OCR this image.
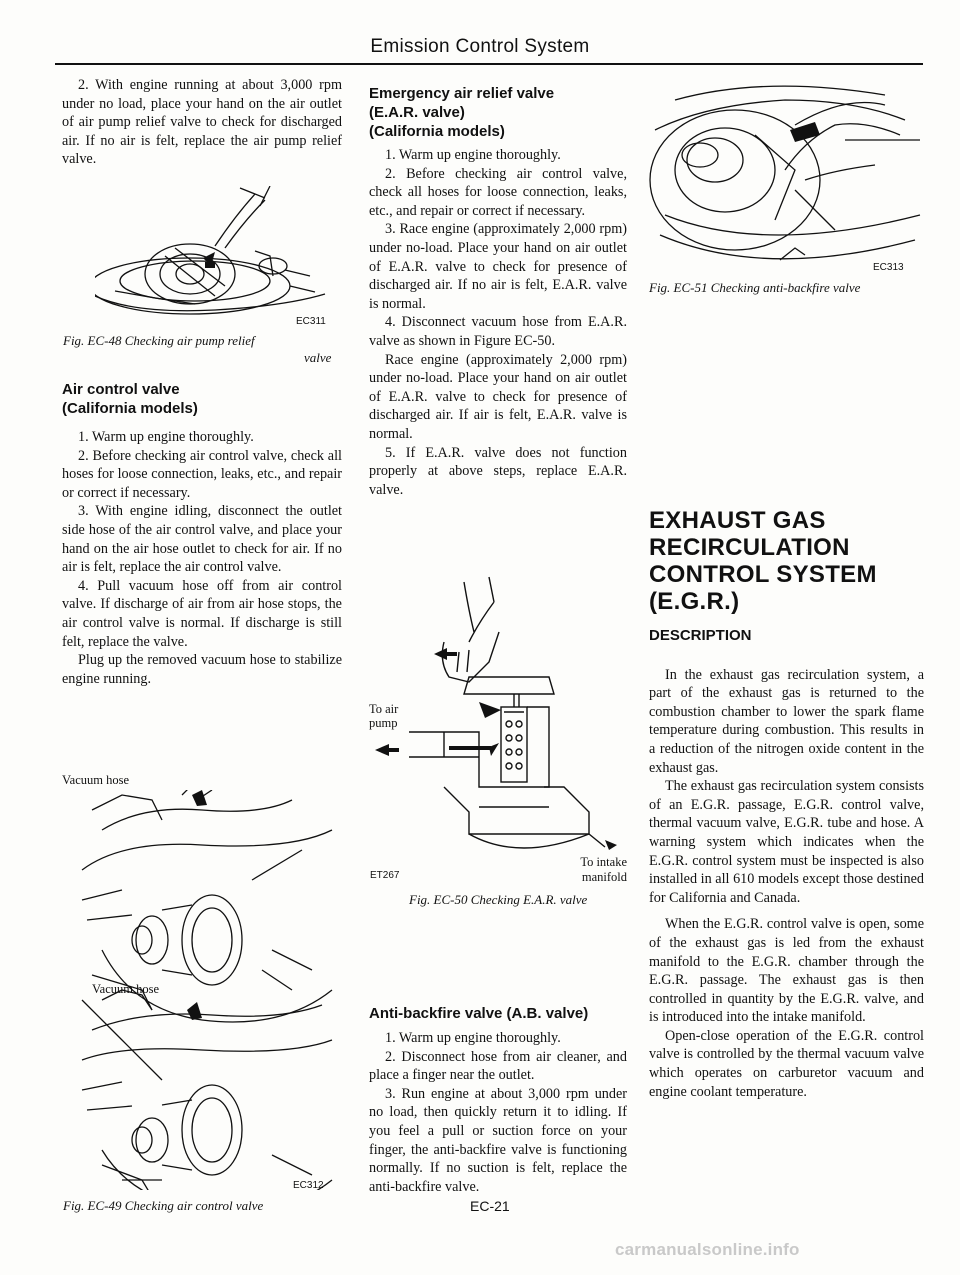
Emission Control System

2. With engine running at about 3,000 rpm under no load, place your hand on the air outlet of air pump relief valve to check for discharged air. If no air is felt, replace the air pump relief valve.

EC311
Fig. EC-48 Checking air pump relief
valve
Air control valve
(California models)

1. Warm up engine thoroughly.

2. Before checking air control valve, check all hoses for loose connection, leaks, etc., and repair or correct if necessary.

3. With engine idling, disconnect the outlet side hose of the air control valve, and place your hand on the air hose outlet to check for air. If no air is felt, replace the air control valve.

4. Pull vacuum hose off from air control valve. If discharge of air from air hose stops, the air control valve is normal. If discharge is still felt, replace the valve.

Plug up the removed vacuum hose to stabilize engine running.

Vacuum hose
Vacuum hose
EC312
Fig. EC-49 Checking air control valve
Emergency air relief valve
(E.A.R. valve)
(California models)

1. Warm up engine thoroughly.

2. Before checking air control valve, check all hoses for loose connection, leaks, etc., and repair or correct if necessary.

3. Race engine (approximately 2,000 rpm) under no-load. Place your hand on air outlet of E.A.R. valve to check for presence of discharged air. If no air is felt, E.A.R. valve is normal.

4. Disconnect vacuum hose from E.A.R. valve as shown in Figure EC-50.

Race engine (approximately 2,000 rpm) under no-load. Place your hand on air outlet of E.A.R. valve to check for presence of discharged air. If air is felt, E.A.R. valve is normal.

5. If E.A.R. valve does not function properly at above steps, replace E.A.R. valve.

To air
pump
To intake
manifold
ET267
Fig. EC-50 Checking E.A.R. valve
Anti-backfire valve (A.B. valve)

1. Warm up engine thoroughly.

2. Disconnect hose from air cleaner, and place a finger near the outlet.

3. Run engine at about 3,000 rpm under no load, then quickly return it to idling. If you feel a pull or suction force on your finger, the anti-backfire valve is functioning normally. If no suction is felt, replace the anti-backfire valve.

EC-21
EC313
Fig. EC-51 Checking anti-backfire valve
EXHAUST GAS
RECIRCULATION
CONTROL SYSTEM
(E.G.R.)
DESCRIPTION

In the exhaust gas recirculation system, a part of the exhaust gas is returned to the combustion chamber to lower the spark flame temperature during combustion. This results in a reduction of the nitrogen oxide content in the exhaust gas.

The exhaust gas recirculation system consists of an E.G.R. passage, E.G.R. control valve, thermal vacuum valve, E.G.R. tube and hose. A warning system which indicates when the E.G.R. control system must be inspected is also installed in all 610 models except those destined for California and Canada.

When the E.G.R. control valve is open, some of the exhaust gas is led from the exhaust manifold to the E.G.R. chamber through the E.G.R. passage. The exhaust gas is then controlled in quantity by the E.G.R. valve, and is introduced into the intake manifold.

Open-close operation of the E.G.R. control valve is controlled by the thermal vacuum valve which operates on carburetor vacuum and engine coolant temperature.

carmanualsonline.info
